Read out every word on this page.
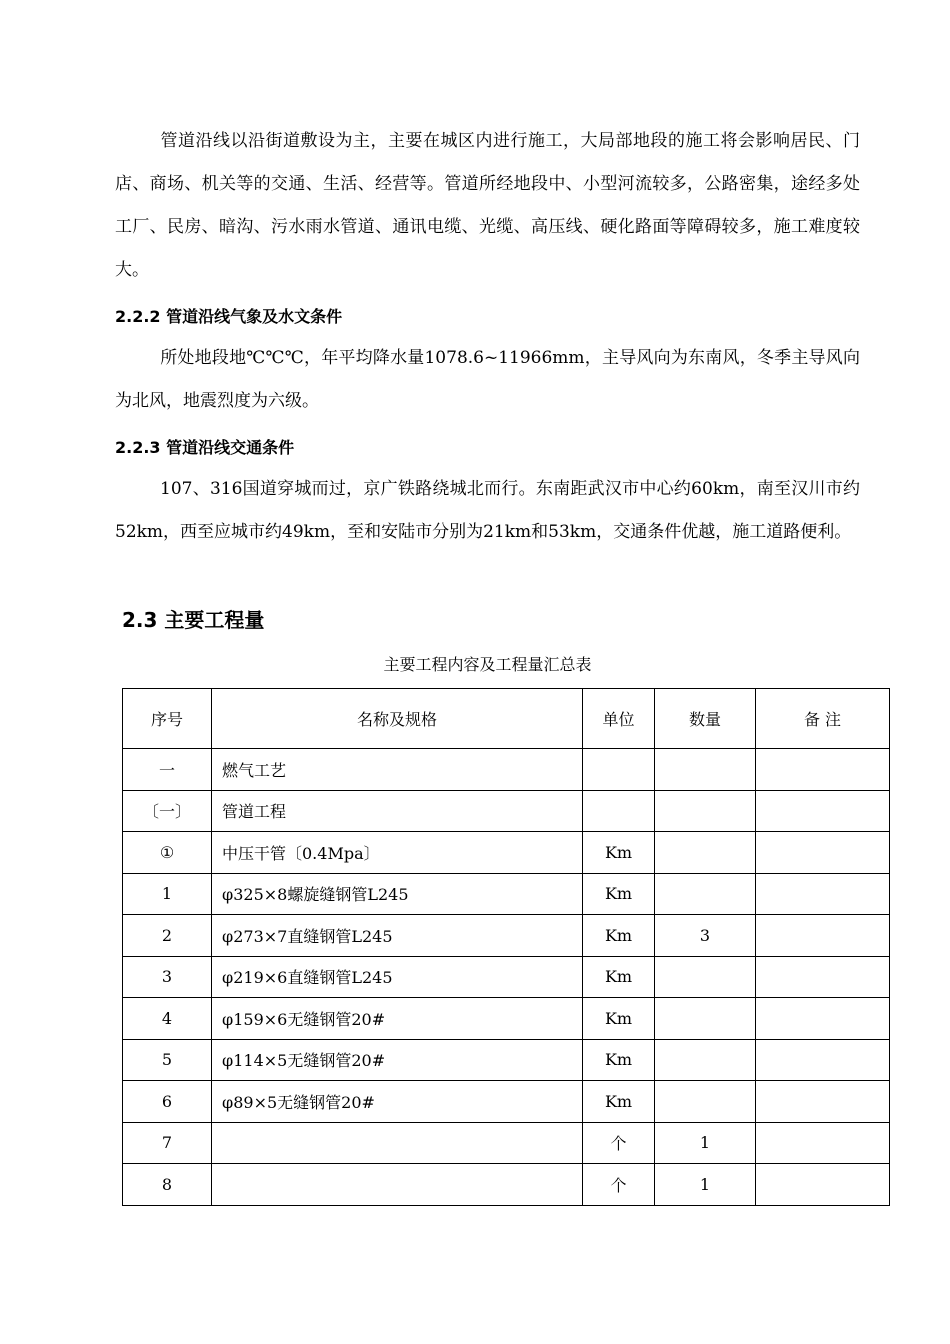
管道沿线以沿街道敷设为主，主要在城区内进行施工，大局部地段的施工将会影响居民、门店、商场、机关等的交通、生活、经营等。管道所经地段中、小型河流较多，公路密集，途经多处工厂、民房、暗沟、污水雨水管道、通讯电缆、光缆、高压线、硬化路面等障碍较多，施工难度较大。

2.2.2 管道沿线气象及水文条件

所处地段地℃℃℃，年平均降水量1078.6~11966mm，主导风向为东南风，冬季主导风向为北风，地震烈度为六级。

2.2.3 管道沿线交通条件

107、316国道穿城而过，京广铁路绕城北而行。东南距武汉市中心约60km，南至汉川市约52km，西至应城市约49km，至和安陆市分别为21km和53km，交通条件优越，施工道路便利。

2.3 主要工程量

主要工程内容及工程量汇总表

序号	名称及规格	单位	数量	备 注
一	燃气工艺			
〔一〕	管道工程			
①	中压干管〔0.4Mpa〕	Km		
1	φ325×8螺旋缝钢管L245	Km		
2	φ273×7直缝钢管L245	Km	3	
3	φ219×6直缝钢管L245	Km		
4	φ159×6无缝钢管20#	Km		
5	φ114×5无缝钢管20#	Km		
6	φ89×5无缝钢管20#	Km		
7		个	1	
8		个	1	
